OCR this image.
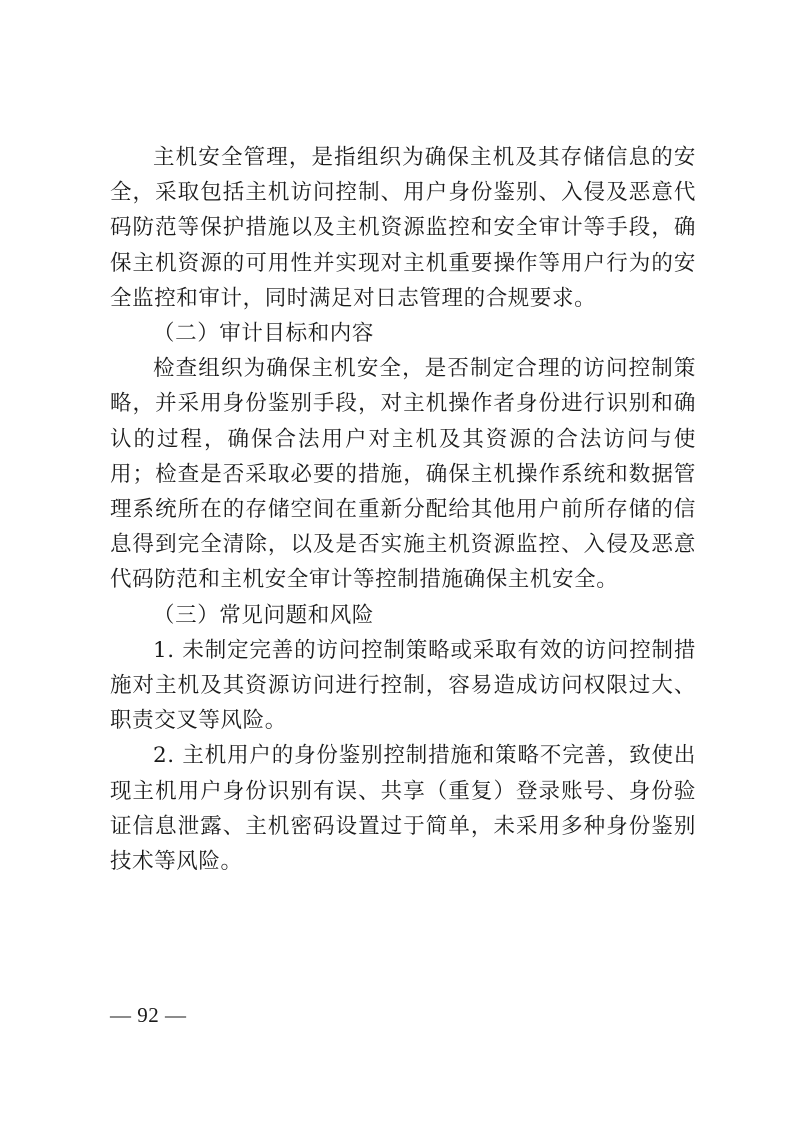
主机安全管理，是指组织为确保主机及其存储信息的安全，采取包括主机访问控制、用户身份鉴别、入侵及恶意代码防范等保护措施以及主机资源监控和安全审计等手段，确保主机资源的可用性并实现对主机重要操作等用户行为的安全监控和审计，同时满足对日志管理的合规要求。

（二）审计目标和内容

检查组织为确保主机安全，是否制定合理的访问控制策略，并采用身份鉴别手段，对主机操作者身份进行识别和确认的过程，确保合法用户对主机及其资源的合法访问与使用；检查是否采取必要的措施，确保主机操作系统和数据管理系统所在的存储空间在重新分配给其他用户前所存储的信息得到完全清除，以及是否实施主机资源监控、入侵及恶意代码防范和主机安全审计等控制措施确保主机安全。

（三）常见问题和风险

1. 未制定完善的访问控制策略或采取有效的访问控制措施对主机及其资源访问进行控制，容易造成访问权限过大、职责交叉等风险。

2. 主机用户的身份鉴别控制措施和策略不完善，致使出现主机用户身份识别有误、共享（重复）登录账号、身份验证信息泄露、主机密码设置过于简单，未采用多种身份鉴别技术等风险。

— 92 —
